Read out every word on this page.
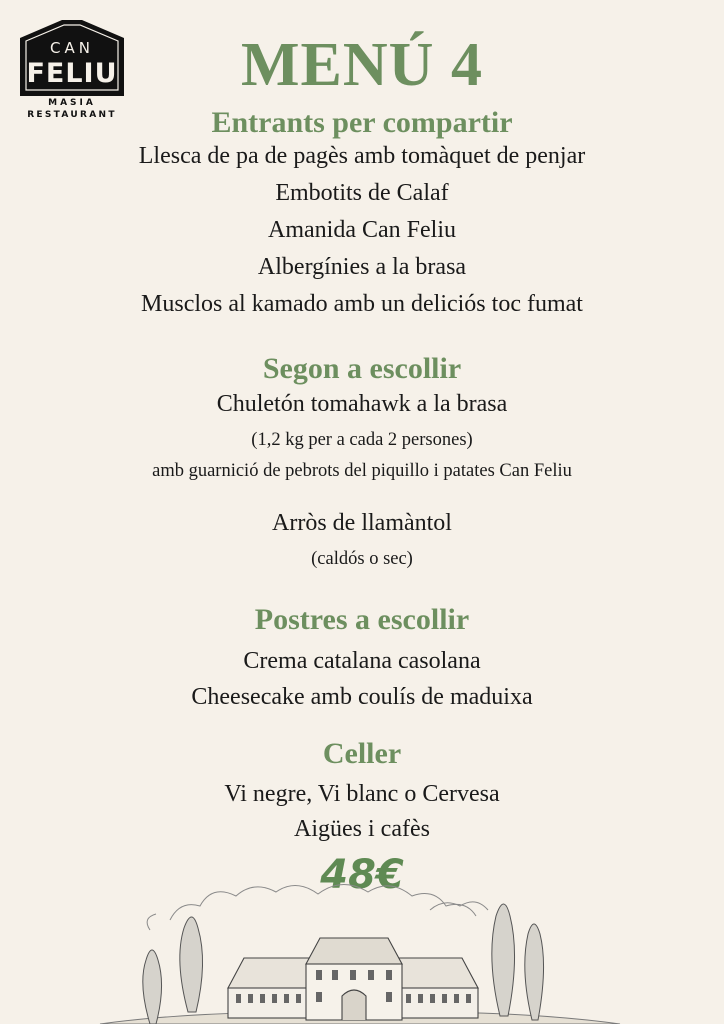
CAN
FELIU
MASIA
RESTAURANT
MENÚ 4
Entrants per compartir
Llesca de pa de pagès amb tomàquet de penjar
Embotits de Calaf
Amanida Can Feliu
Albergínies a la brasa
Musclos al kamado amb un deliciós toc fumat
Segon a escollir
Chuletón tomahawk a la brasa
(1,2 kg per a cada 2 persones)
amb guarnició de pebrots del piquillo i patates Can Feliu
Arròs de llamàntol
(caldós o sec)
Postres a escollir
Crema catalana casolana
Cheesecake amb coulís de maduixa
Celler
Vi negre, Vi blanc o Cervesa
Aigües i cafès
48€
